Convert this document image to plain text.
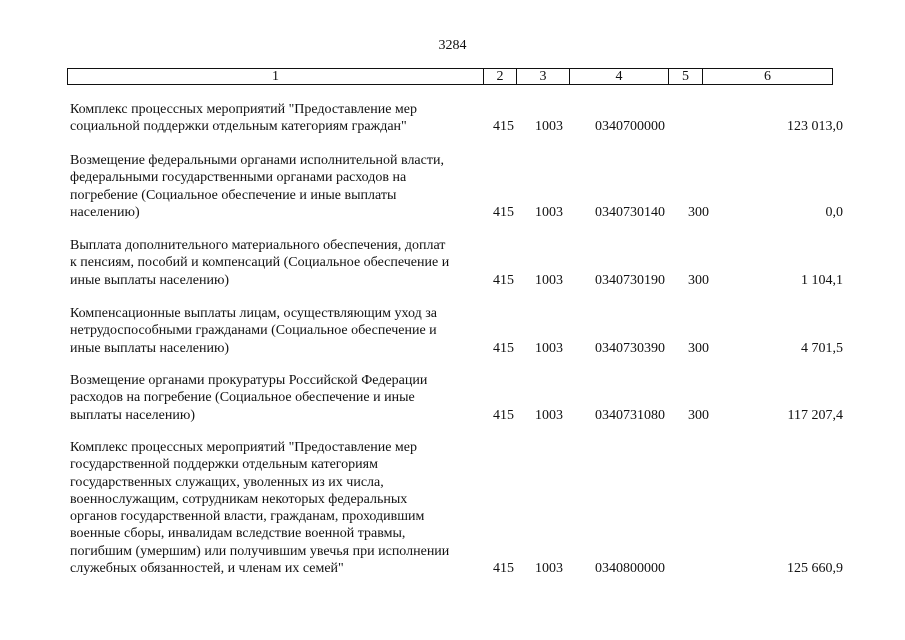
3284
1	2	3	4	5	6
Комплекс процессных мероприятий "Предоставление мер
социальной поддержки отдельным категориям граждан"	415 1003 0340700000	123 013,0
Возмещение федеральными органами исполнительной власти,
федеральными государственными органами расходов на
погребение (Социальное обеспечение и иные выплаты
населению)	415 1003 0340730140 300	0,0
Выплата дополнительного материального обеспечения, доплат
к пенсиям, пособий и компенсаций (Социальное обеспечение и
иные выплаты населению)	415 1003 0340730190 300	1 104,1
Компенсационные выплаты лицам, осуществляющим уход за
нетрудоспособными гражданами (Социальное обеспечение и
иные выплаты населению)	415 1003 0340730390 300	4 701,5
Возмещение органами прокуратуры Российской Федерации
расходов на погребение (Социальное обеспечение и иные
выплаты населению)	415 1003 0340731080 300	117 207,4
Комплекс процессных мероприятий "Предоставление мер
государственной поддержки отдельным категориям
государственных служащих, уволенных из их числа,
военнослужащим, сотрудникам некоторых федеральных
органов государственной власти, гражданам, проходившим
военные сборы, инвалидам вследствие военной травмы,
погибшим (умершим) или получившим увечья при исполнении
служебных обязанностей, и членам их семей"	415 1003 0340800000	125 660,9
